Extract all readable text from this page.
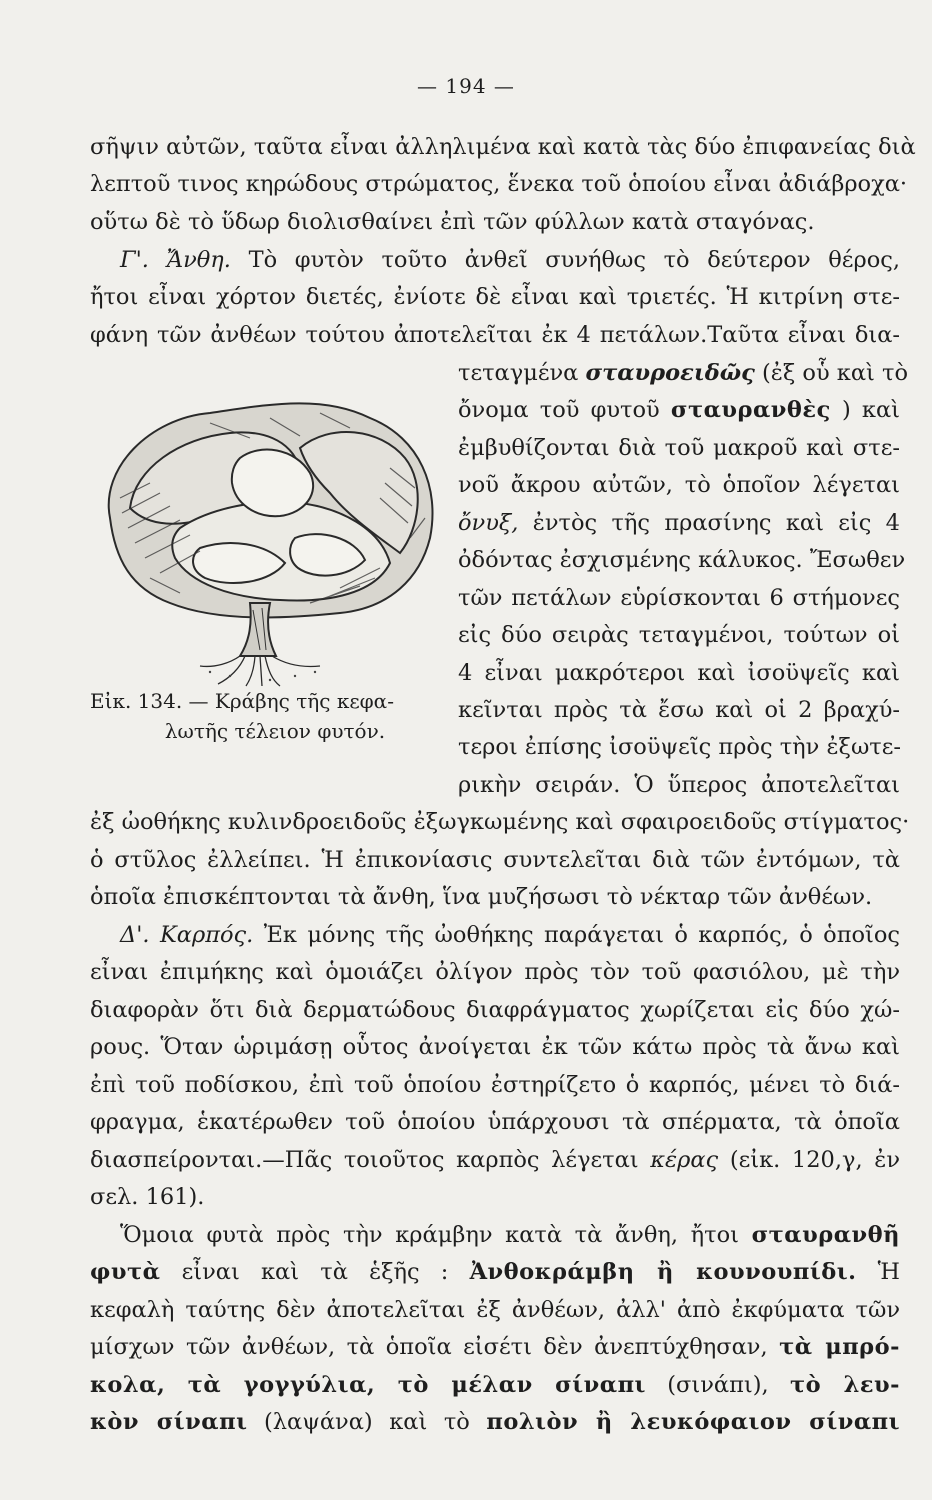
— 194 —
σῆψιν αὐτῶν, ταῦτα εἶναι ἀλληλιμένα καὶ κατὰ τὰς δύο ἐπιφανείας διὰ
λεπτοῦ τινος κηρώδους στρώματος, ἕνεκα τοῦ ὁποίου εἶναι ἀδιάβροχα·
οὕτω δὲ τὸ ὕδωρ διολισθαίνει ἐπὶ τῶν φύλλων κατὰ σταγόνας.
Γ'. Ἄνθη. Τὸ φυτὸν τοῦτο ἀνθεῖ συνήθως τὸ δεύτερον θέρος,
ἤτοι εἶναι χόρτον διετές, ἐνίοτε δὲ εἶναι καὶ τριετές. Ἡ κιτρίνη στε-
φάνη τῶν ἀνθέων τούτου ἀποτελεῖται ἐκ 4 πετάλων.Ταῦτα εἶναι δια-
τεταγμένα σταυροειδῶς (ἐξ οὗ καὶ τὸ
ὄνομα τοῦ φυτοῦ σταυρανθὲς ) καὶ
ἐμβυθίζονται διὰ τοῦ μακροῦ καὶ στε-
νοῦ ἄκρου αὐτῶν, τὸ ὁποῖον λέγεται
ὄνυξ, ἐντὸς τῆς πρασίνης καὶ εἰς 4
ὀδόντας ἐσχισμένης κάλυκος. Ἔσωθεν
τῶν πετάλων εὑρίσκονται 6 στήμονες
εἰς δύο σειρὰς τεταγμένοι, τούτων οἱ
4 εἶναι μακρότεροι καὶ ἰσοϋψεῖς καὶ
κεῖνται πρὸς τὰ ἔσω καὶ οἱ 2 βραχύ-
τεροι ἐπίσης ἰσοϋψεῖς πρὸς τὴν ἐξωτε-
ρικὴν σειράν. Ὁ ὕπερος ἀποτελεῖται
Εἰκ. 134. — Κράβης τῆς κεφα-
λωτῆς τέλειον φυτόν.
ἐξ ὠοθήκης κυλινδροειδοῦς ἐξωγκωμένης καὶ σφαιροειδοῦς στίγματος·
ὁ στῦλος ἐλλείπει. Ἡ ἐπικονίασις συντελεῖται διὰ τῶν ἐντόμων, τὰ
ὁποῖα ἐπισκέπτονται τὰ ἄνθη, ἵνα μυζήσωσι τὸ νέκταρ τῶν ἀνθέων.
Δ'. Καρπός. Ἐκ μόνης τῆς ὠοθήκης παράγεται ὁ καρπός, ὁ ὁποῖος
εἶναι ἐπιμήκης καὶ ὁμοιάζει ὀλίγον πρὸς τὸν τοῦ φασιόλου, μὲ τὴν
διαφορὰν ὅτι διὰ δερματώδους διαφράγματος χωρίζεται εἰς δύο χώ-
ρους. Ὅταν ὡριμάσῃ οὗτος ἀνοίγεται ἐκ τῶν κάτω πρὸς τὰ ἄνω καὶ
ἐπὶ τοῦ ποδίσκου, ἐπὶ τοῦ ὁποίου ἐστηρίζετο ὁ καρπός, μένει τὸ διά-
φραγμα, ἑκατέρωθεν τοῦ ὁποίου ὑπάρχουσι τὰ σπέρματα, τὰ ὁποῖα
διασπείρονται.—Πᾶς τοιοῦτος καρπὸς λέγεται κέρας (εἰκ. 120,γ, ἐν
σελ. 161).
Ὅμοια φυτὰ πρὸς τὴν κράμβην κατὰ τὰ ἄνθη, ἤτοι σταυρανθῆ
φυτὰ εἶναι καὶ τὰ ἑξῆς : Ἀνθοκράμβη ἢ κουνουπίδι. Ἡ
κεφαλὴ ταύτης δὲν ἀποτελεῖται ἐξ ἀνθέων, ἀλλ' ἀπὸ ἐκφύματα τῶν
μίσχων τῶν ἀνθέων, τὰ ὁποῖα εἰσέτι δὲν ἀνεπτύχθησαν, τὰ μπρό-
κολα, τὰ γογγύλια, τὸ μέλαν σίναπι (σινάπι), τὸ λευ-
κὸν σίναπι (λαψάνα) καὶ τὸ πολιὸν ἢ λευκόφαιον σίναπι
